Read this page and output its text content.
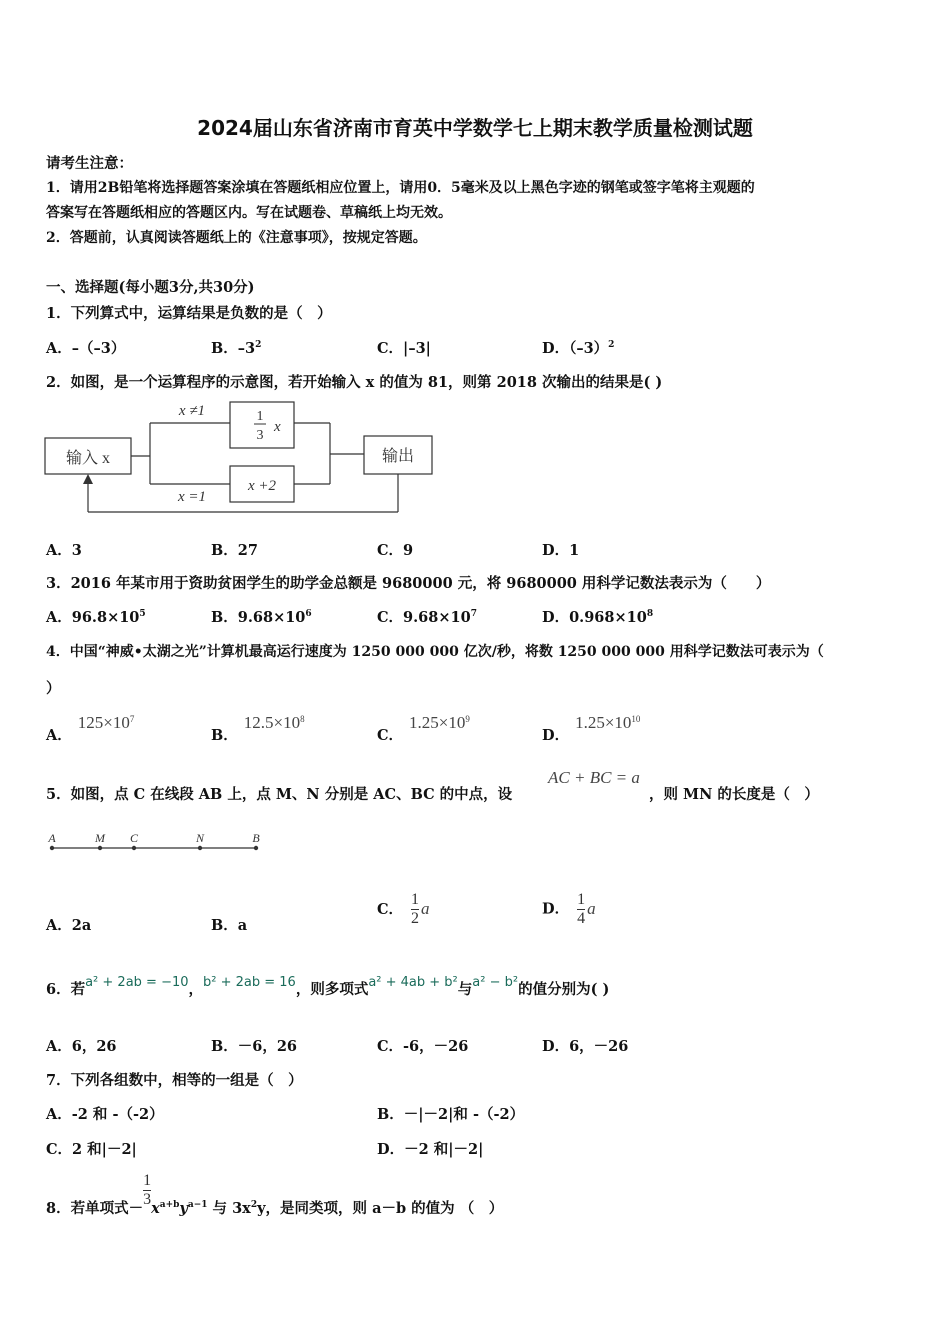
2024届山东省济南市育英中学数学七上期末教学质量检测试题
请考生注意：
1．请用2B铅笔将选择题答案涂填在答题纸相应位置上，请用0．5毫米及以上黑色字迹的钢笔或签字笔将主观题的
答案写在答题纸相应的答题区内。写在试题卷、草稿纸上均无效。
2．答题前，认真阅读答题纸上的《注意事项》，按规定答题。
一、选择题(每小题3分,共30分)
1．下列算式中，运算结果是负数的是（　）
A．–（–3）	B．$-3^2$	C．|–3|	D．$(-3)^2$
2．如图，是一个运算程序的示意图，若开始输入 x 的值为 81，则第 2018 次输出的结果是( )
输入 x	输出
x ≠1
x =1
1
3
x
x +2
A．3	B．27	C．9	D．1
3．2016 年某市用于资助贫困学生的助学金总额是 9680000 元，将 9680000 用科学记数法表示为（　　）
A．$96.8\times 10^5$	B．$9.68\times 10^6$	C．$9.68\times 10^7$	D．$0.968\times 10^8$
4．中国“神威•太湖之光”计算机最高运行速度为 1250 000 000 亿次/秒，将数 1250 000 000 用科学记数法可表示为（
）
A．$125\times 10^7$
B．$12.5\times 10^8$
C．$1.25\times 10^9$
D．$1.25\times 10^{10}$
5．如图，点 C 在线段 AB 上，点 M、N 分别是 AC、BC 的中点，设
AC + BC = a
，则 MN 的长度是（　）
A	M C	N	B
A．2a	B．a
C． $\frac{1}{2}$ a	D． $\frac{1}{4}$ a
6．若a² + 2ab = −10，b² + 2ab = 16，则多项式a² + 4ab + b²与a² − b²的值分别为( )
A．6，26	B．－6，26	C．-6，－26	D．6，－26
7．下列各组数中，相等的一组是（　）
A．-2 和 -（-2）	B．－|－2|和 -（-2）
C．2 和|－2|	D．－2 和|－2|
8．若单项式－ $\frac{1}{3} x^{a+b}y^{a-1}$ 与 $3x^2y$，是同类项，则 a－b 的值为 （　）
